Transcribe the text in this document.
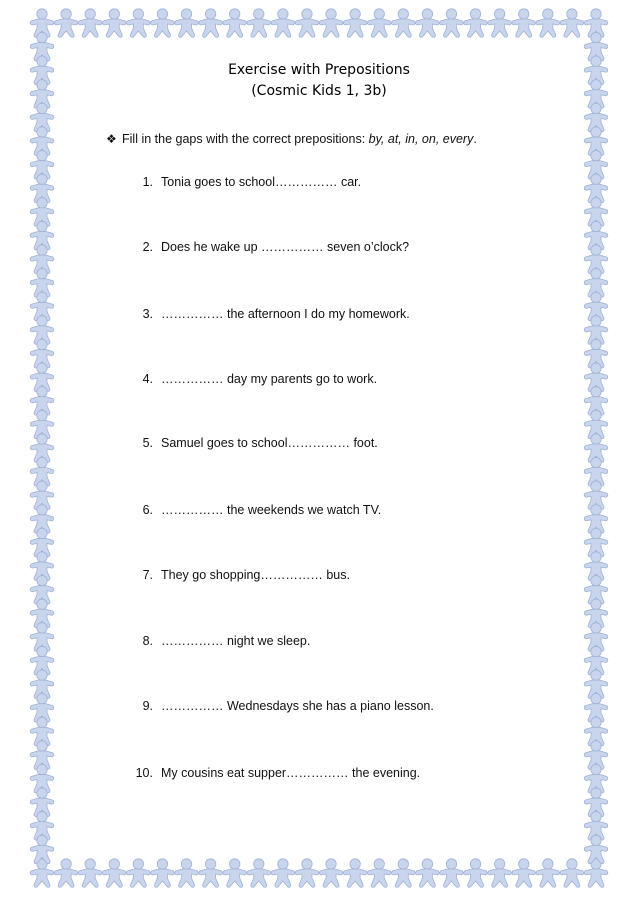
Exercise with Prepositions
(Cosmic Kids 1, 3b)
❖ Fill in the gaps with the correct prepositions: by, at, in, on, every.
1. Tonia goes to school…………… car.
2. Does he wake up …………… seven o’clock?
3. …………… the afternoon I do my homework.
4. …………… day my parents go to work.
5. Samuel goes to school…………… foot.
6. …………… the weekends we watch TV.
7. They go shopping…………… bus.
8. …………… night we sleep.
9. …………… Wednesdays she has a piano lesson.
10. My cousins eat supper…………… the evening.
